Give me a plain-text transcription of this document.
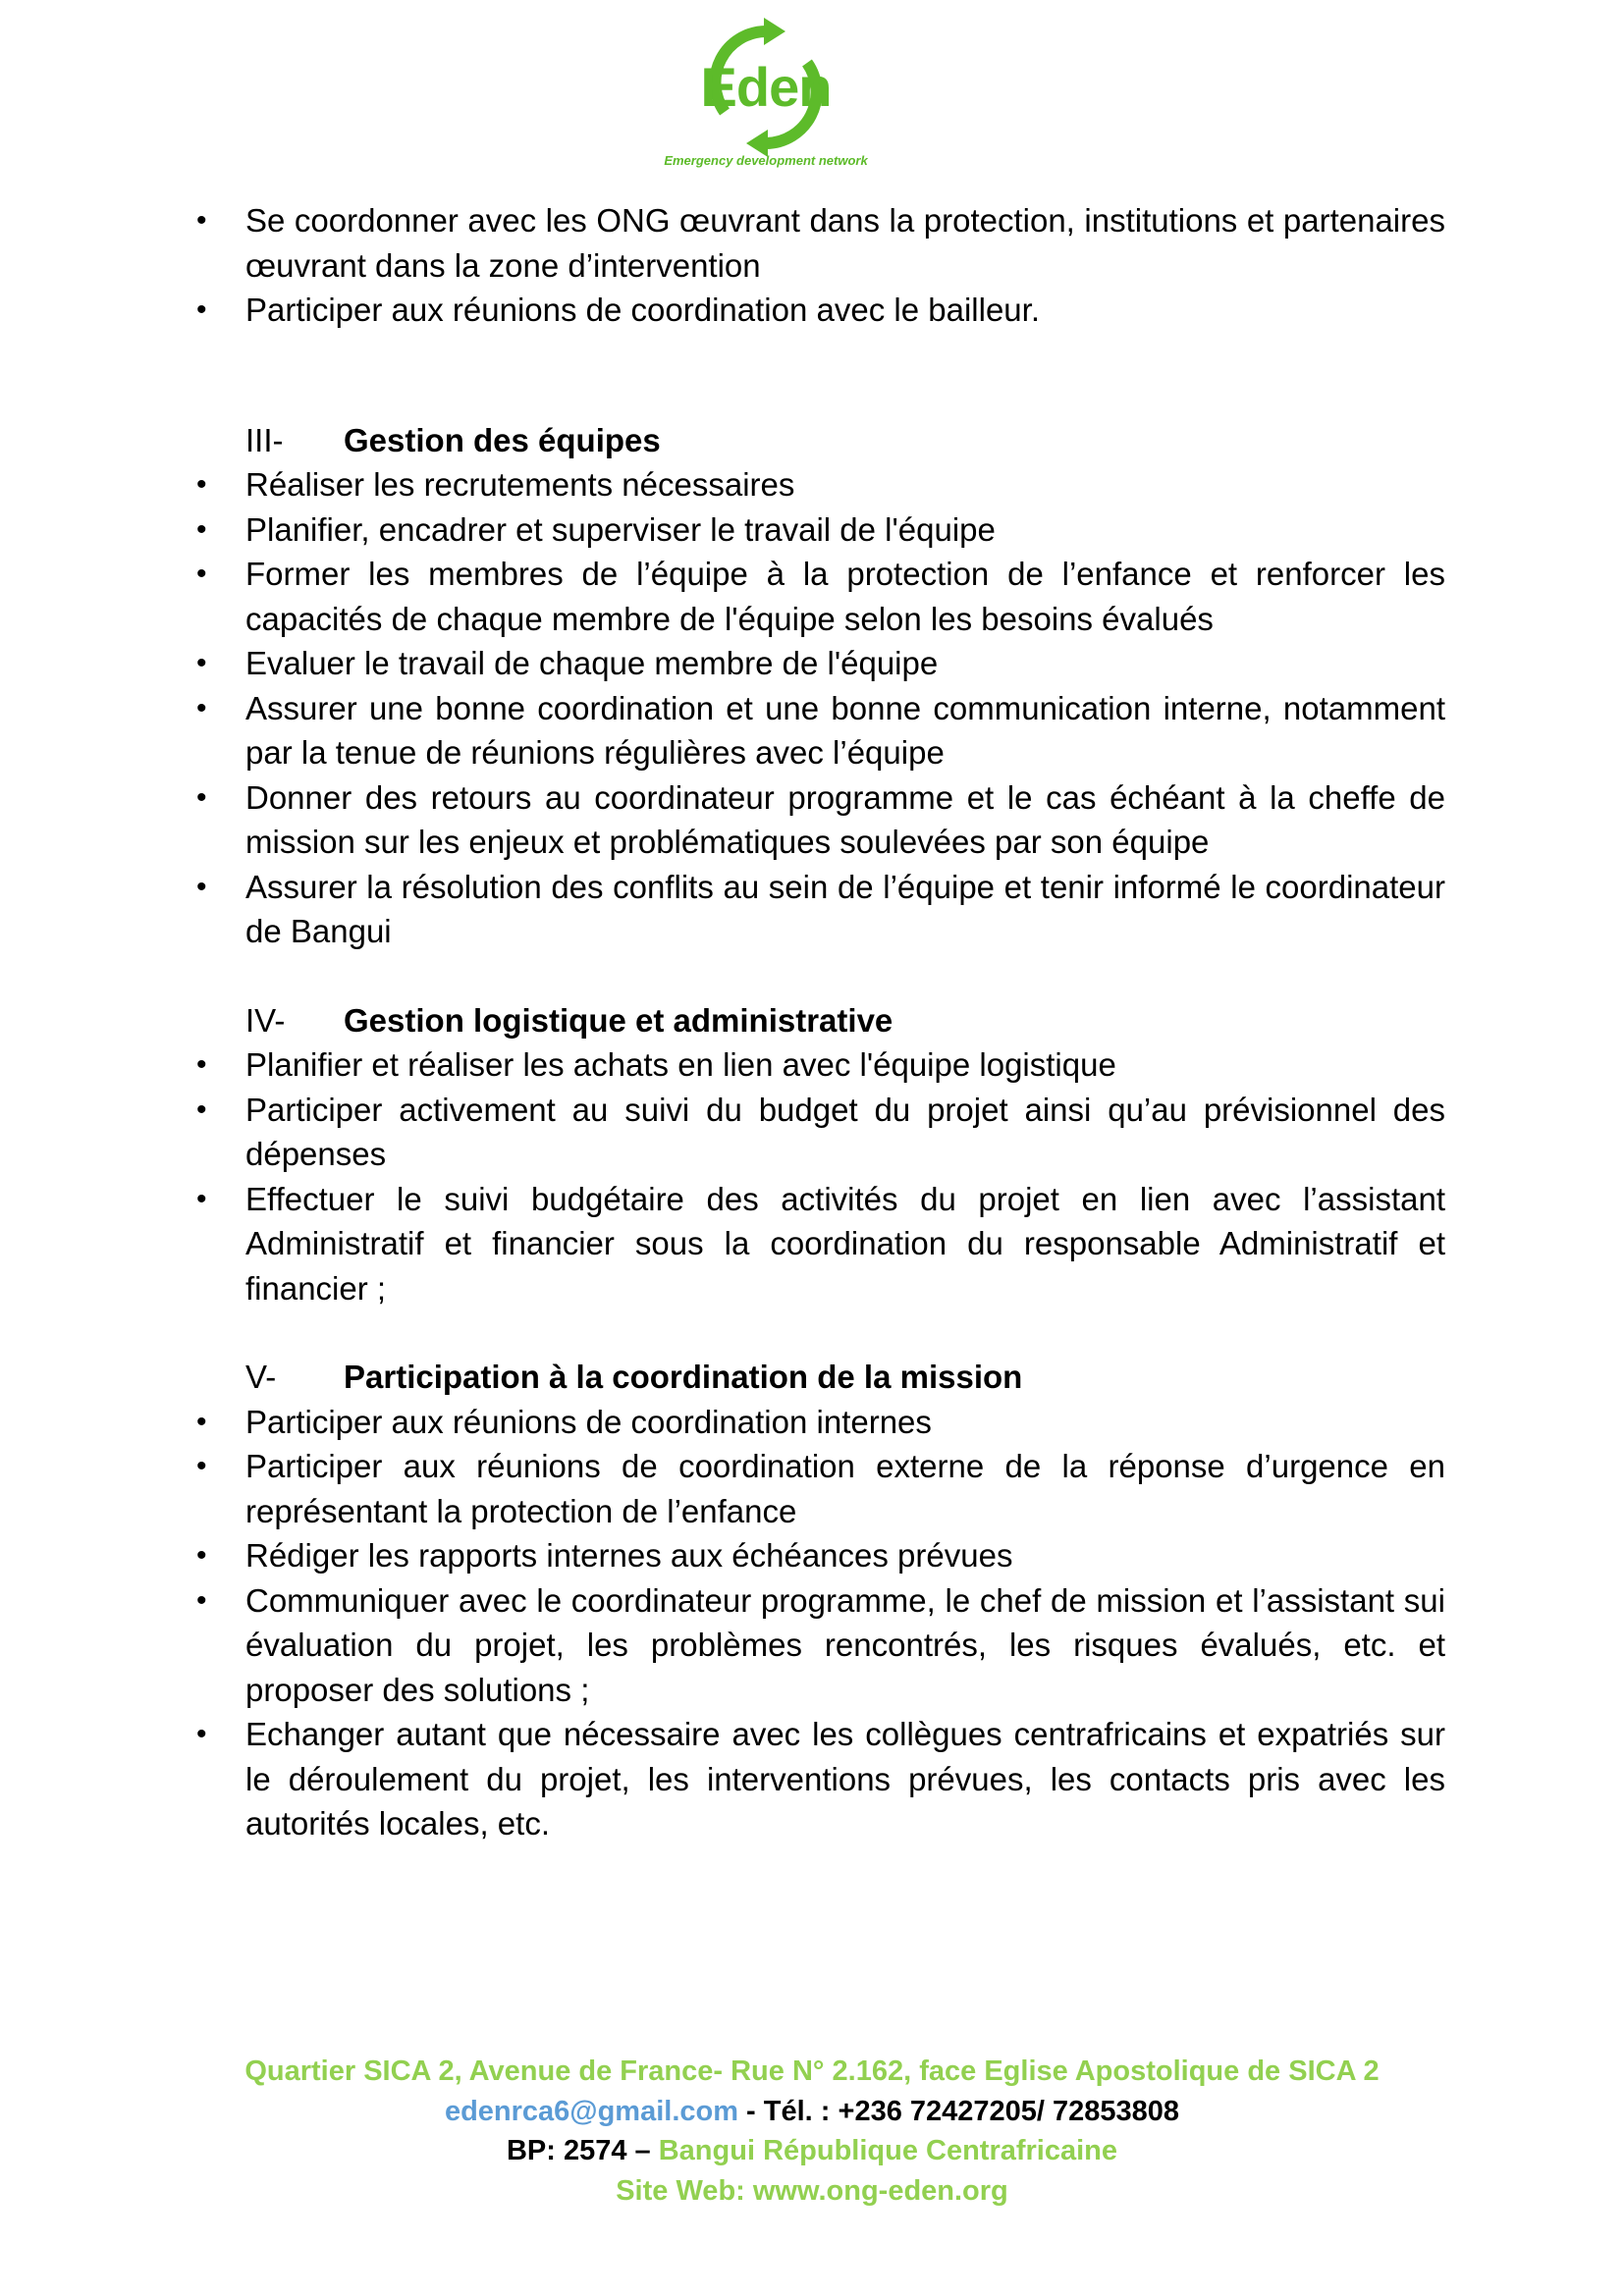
Eden
Emergency development network
• Se coordonner avec les ONG œuvrant dans la protection, institutions et partenaires œuvrant dans la zone d’intervention
• Participer aux réunions de coordination avec le bailleur.
III- Gestion des équipes
• Réaliser les recrutements nécessaires
• Planifier, encadrer et superviser le travail de l'équipe
• Former les membres de l’équipe à la protection de l’enfance et renforcer les capacités de chaque membre de l'équipe selon les besoins évalués
• Evaluer le travail de chaque membre de l'équipe
• Assurer une bonne coordination et une bonne communication interne, notamment par la tenue de réunions régulières avec l’équipe
• Donner des retours au coordinateur programme et le cas échéant à la cheffe de mission sur les enjeux et problématiques soulevées par son équipe
• Assurer la résolution des conflits au sein de l’équipe et tenir informé le coordinateur de Bangui
IV- Gestion logistique et administrative
• Planifier et réaliser les achats en lien avec l'équipe logistique
• Participer activement au suivi du budget du projet ainsi qu’au prévisionnel des dépenses
• Effectuer le suivi budgétaire des activités du projet en lien avec l’assistant Administratif et financier sous la coordination du responsable Administratif et financier ;
V- Participation à la coordination de la mission
• Participer aux réunions de coordination internes
• Participer aux réunions de coordination externe de la réponse d’urgence en représentant la protection de l’enfance
• Rédiger les rapports internes aux échéances prévues
• Communiquer avec le coordinateur programme, le chef de mission et l’assistant sui évaluation du projet, les problèmes rencontrés, les risques évalués, etc. et proposer des solutions ;
• Echanger autant que nécessaire avec les collègues centrafricains et expatriés sur le déroulement du projet, les interventions prévues, les contacts pris avec les autorités locales, etc.
Quartier SICA 2, Avenue de France- Rue N° 2.162, face Eglise Apostolique de SICA 2
edenrca6@gmail.com - Tél. : +236 72427205/ 72853808
BP: 2574 – Bangui République Centrafricaine
Site Web: www.ong-eden.org
